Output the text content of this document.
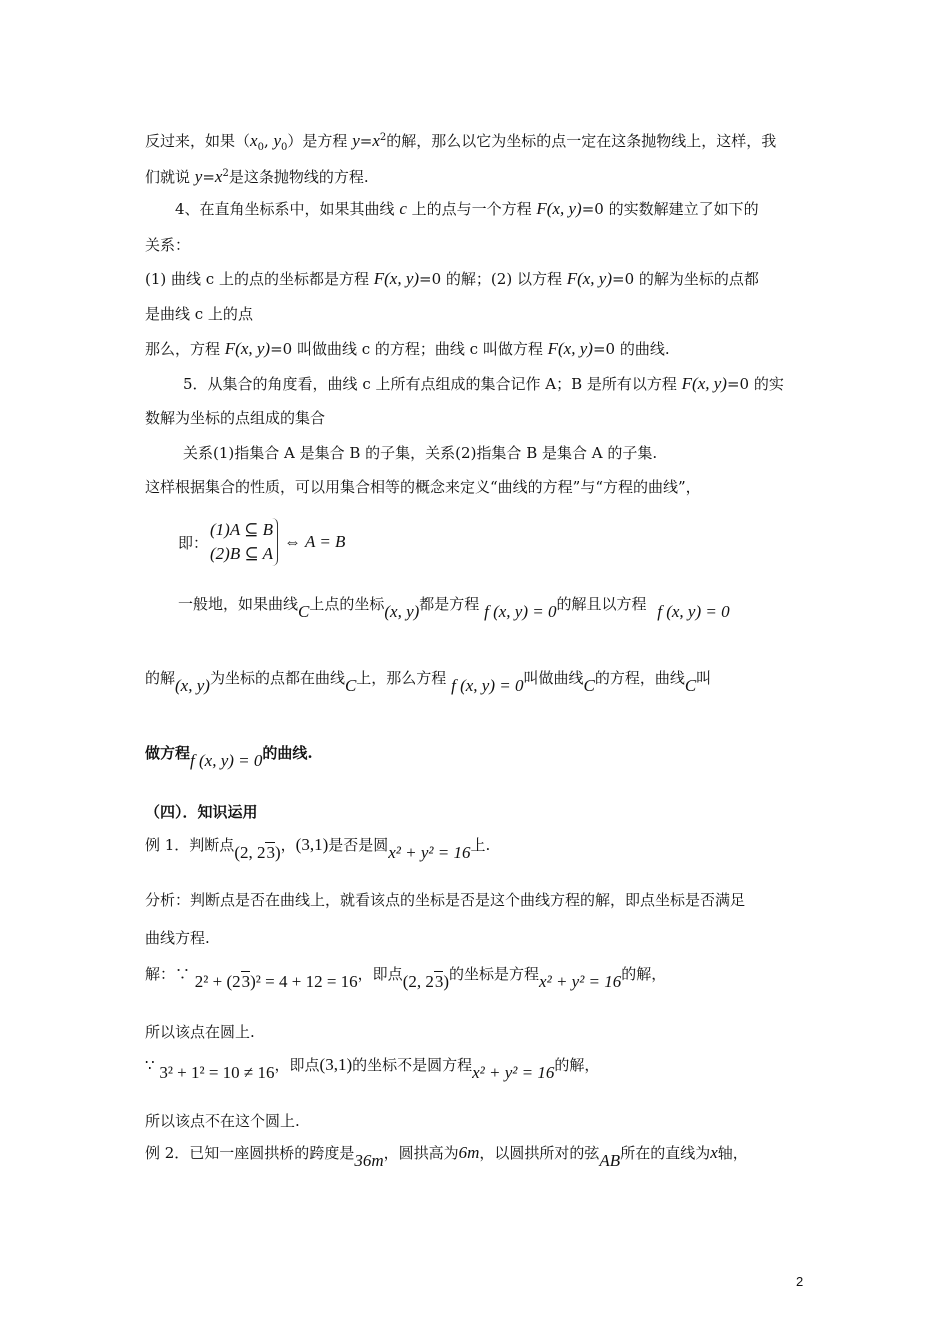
反过来，如果（$x_0$, $y_0$）是方程 $y=x^2$的解，那么以它为坐标的点一定在这条抛物线上，这样，我
们就说 $y=x^2$是这条抛物线的方程.
4、在直角坐标系中，如果其曲线 c 上的点与一个方程 F(x, y)=0 的实数解建立了如下的
关系：
(1) 曲线 c 上的点的坐标都是方程 F(x, y)=0 的解；(2) 以方程 F(x, y)=0 的解为坐标的点都
是曲线 c 上的点
那么，方程 F(x, y)=0 叫做曲线 c 的方程；曲线 c 叫做方程 F(x, y)=0 的曲线.
5．从集合的角度看，曲线 c 上所有点组成的集合记作 A；B 是所有以方程 F(x, y)=0 的实
数解为坐标的点组成的集合
关系(1)指集合 A 是集合 B 的子集，关系(2)指集合 B 是集合 A 的子集.
这样根据集合的性质，可以用集合相等的概念来定义“曲线的方程”与“方程的曲线”，
即：
(1)A ⊆ B
(2)B ⊆ A
⇔ A = B
一般地，如果曲线C上点的坐标(x, y)都是方程 f (x, y) = 0的解且以方程 f (x, y) = 0
的解(x, y)为坐标的点都在曲线C上，那么方程 f (x, y) = 0叫做曲线C的方程，曲线C叫
做方程f (x, y) = 0的曲线.
（四）．知识运用
例 1．判断点(2, 23)，(3,1)是否是圆x² + y² = 16上.
分析：判断点是否在曲线上，就看该点的坐标是否是这个曲线方程的解，即点坐标是否满足
曲线方程.
解：∵ 2² + (23)² = 4 + 12 = 16，即点(2, 23)的坐标是方程x² + y² = 16的解，
所以该点在圆上.
∵ 3² + 1² = 10 ≠ 16，即点(3,1)的坐标不是圆方程x² + y² = 16的解，
所以该点不在这个圆上.
例 2．已知一座圆拱桥的跨度是36m，圆拱高为6m，以圆拱所对的弦AB所在的直线为x轴，
2
